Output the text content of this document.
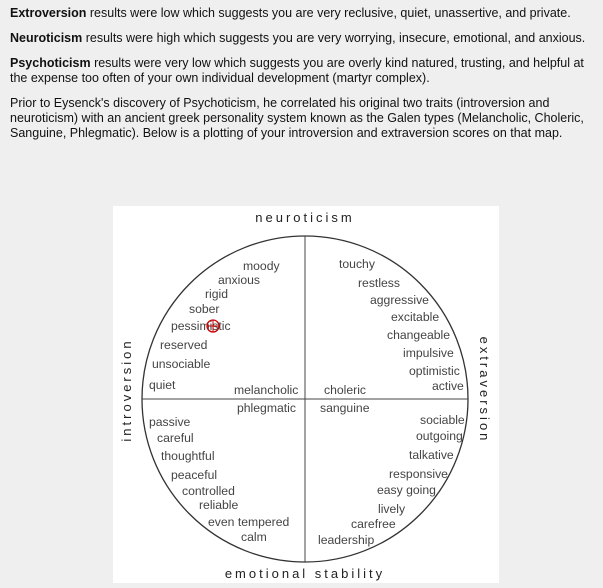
Extroversion results were low which suggests you are very reclusive, quiet, unassertive, and private.

Neuroticism results were high which suggests you are very worrying, insecure, emotional, and anxious.

Psychoticism results were very low which suggests you are overly kind natured, trusting, and helpful at the expense too often of your own individual development (martyr complex).

Prior to Eysenck's discovery of Psychoticism, he correlated his original two traits (introversion and neuroticism) with an ancient greek personality system known as the Galen types (Melancholic, Choleric, Sanguine, Phlegmatic). Below is a plotting of your introversion and extraversion scores on that map.

neuroticism
emotional stability
introversion	extraversion
moody
anxious
rigid
sober
pessimistic
reserved
unsociable
quiet
touchy
restless
aggressive
excitable
changeable
impulsive
optimistic
active
melancholic choleric
phlegmatic sanguine
passive
careful
thoughtful
peaceful
controlled
reliable
even tempered
calm
sociable
outgoing
talkative
responsive
easy going
lively
carefree
leadership
